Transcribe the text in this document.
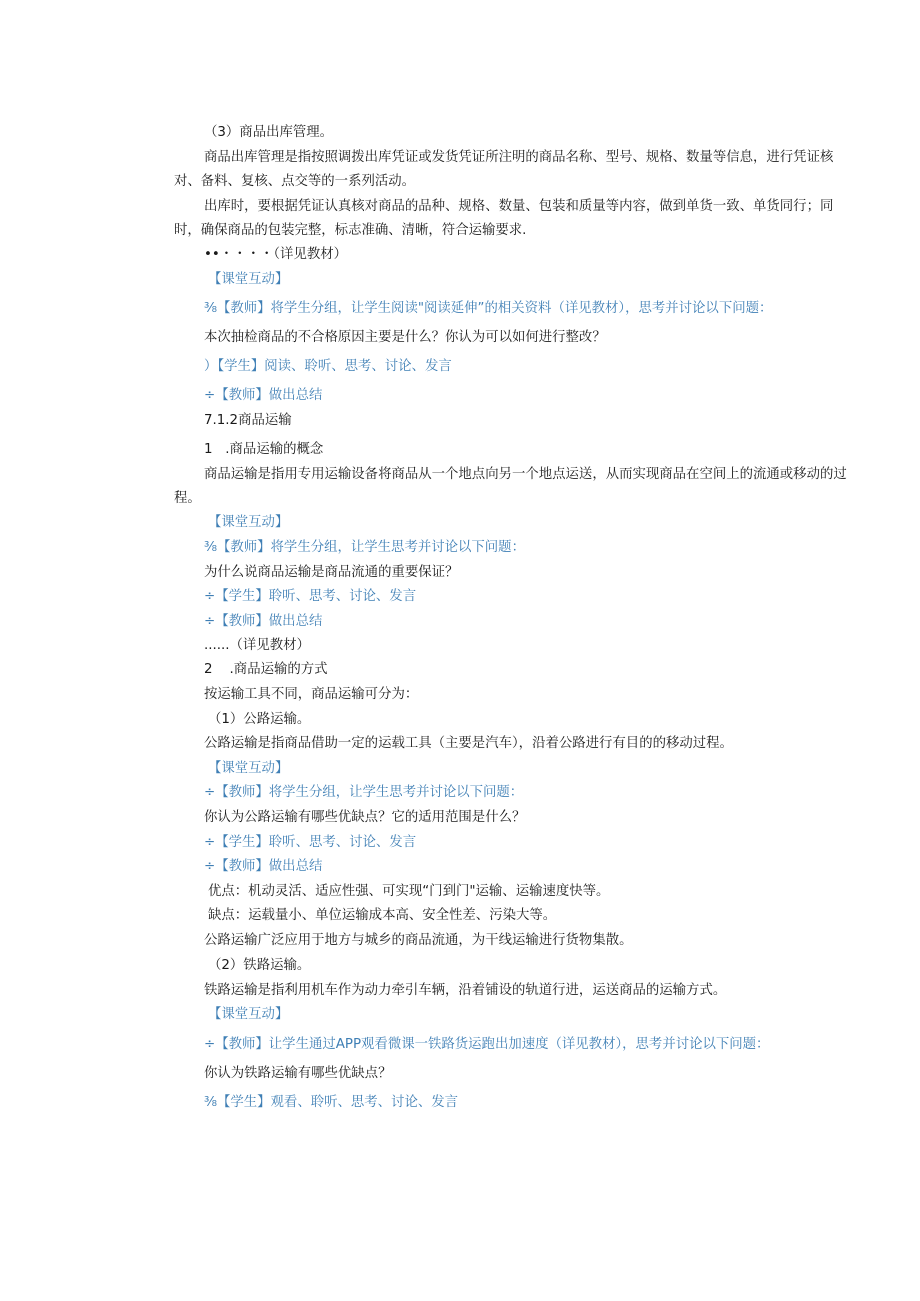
（3）商品出库管理。
商品出库管理是指按照调拨出库凭证或发货凭证所注明的商品名称、型号、规格、数量等信息，进行凭证核
对、备料、复核、点交等的一系列活动。
出库时，要根据凭证认真核对商品的品种、规格、数量、包装和质量等内容，做到单货一致、单货同行；同
时，确保商品的包装完整，标志准确、清晰，符合运输要求.
••・・・・（详见教材）
【课堂互动】
⅜【教师】将学生分组，让学生阅读"阅读延伸”的相关资料（详见教材），思考并讨论以下问题：
本次抽检商品的不合格原因主要是什么？你认为可以如何进行整改？
）【学生】阅读、聆听、思考、讨论、发言
÷【教师】做出总结
7.1.2商品运输
1   .商品运输的概念
商品运输是指用专用运输设备将商品从一个地点向另一个地点运送，从而实现商品在空间上的流通或移动的过
程。
【课堂互动】
⅜【教师】将学生分组，让学生思考并讨论以下问题：
为什么说商品运输是商品流通的重要保证？
÷【学生】聆听、思考、讨论、发言
÷【教师】做出总结
......（详见教材）
2    .商品运输的方式
按运输工具不同，商品运输可分为：
（1）公路运输。
公路运输是指商品借助一定的运载工具（主要是汽车），沿着公路进行有目的的移动过程。
【课堂互动】
÷【教师】将学生分组，让学生思考并讨论以下问题：
你认为公路运输有哪些优缺点？它的适用范围是什么？
÷【学生】聆听、思考、讨论、发言
÷【教师】做出总结
优点：机动灵活、适应性强、可实现“门到门"运输、运输速度快等。
缺点：运载量小、单位运输成本高、安全性差、污染大等。
公路运输广泛应用于地方与城乡的商品流通，为干线运输进行货物集散。
（2）铁路运输。
铁路运输是指利用机车作为动力牵引车辆，沿着铺设的轨道行进，运送商品的运输方式。
【课堂互动】
÷【教师】让学生通过APP观看微课一铁路货运跑出加速度（详见教材），思考并讨论以下问题：
你认为铁路运输有哪些优缺点？
⅜【学生】观看、聆听、思考、讨论、发言
